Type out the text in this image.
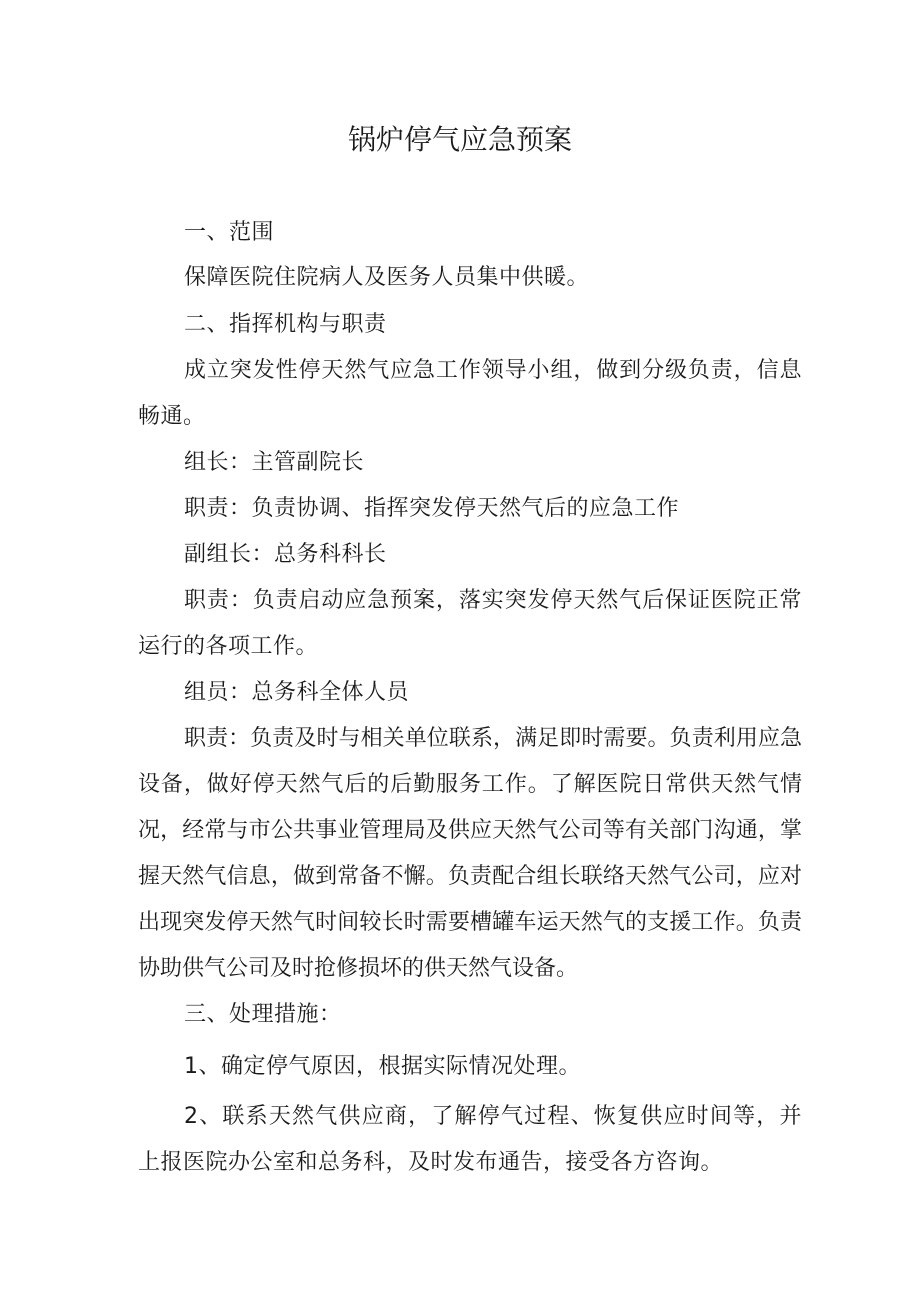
锅炉停气应急预案

一、范围

保障医院住院病人及医务人员集中供暖。

二、指挥机构与职责

成立突发性停天然气应急工作领导小组，做到分级负责，信息畅通。

组长：主管副院长

职责：负责协调、指挥突发停天然气后的应急工作

副组长：总务科科长

职责：负责启动应急预案，落实突发停天然气后保证医院正常运行的各项工作。

组员：总务科全体人员

职责：负责及时与相关单位联系，满足即时需要。负责利用应急设备，做好停天然气后的后勤服务工作。了解医院日常供天然气情况，经常与市公共事业管理局及供应天然气公司等有关部门沟通，掌握天然气信息，做到常备不懈。负责配合组长联络天然气公司，应对出现突发停天然气时间较长时需要槽罐车运天然气的支援工作。负责协助供气公司及时抢修损坏的供天然气设备。

三、处理措施：

1、确定停气原因，根据实际情况处理。

2、联系天然气供应商，了解停气过程、恢复供应时间等，并上报医院办公室和总务科，及时发布通告，接受各方咨询。
